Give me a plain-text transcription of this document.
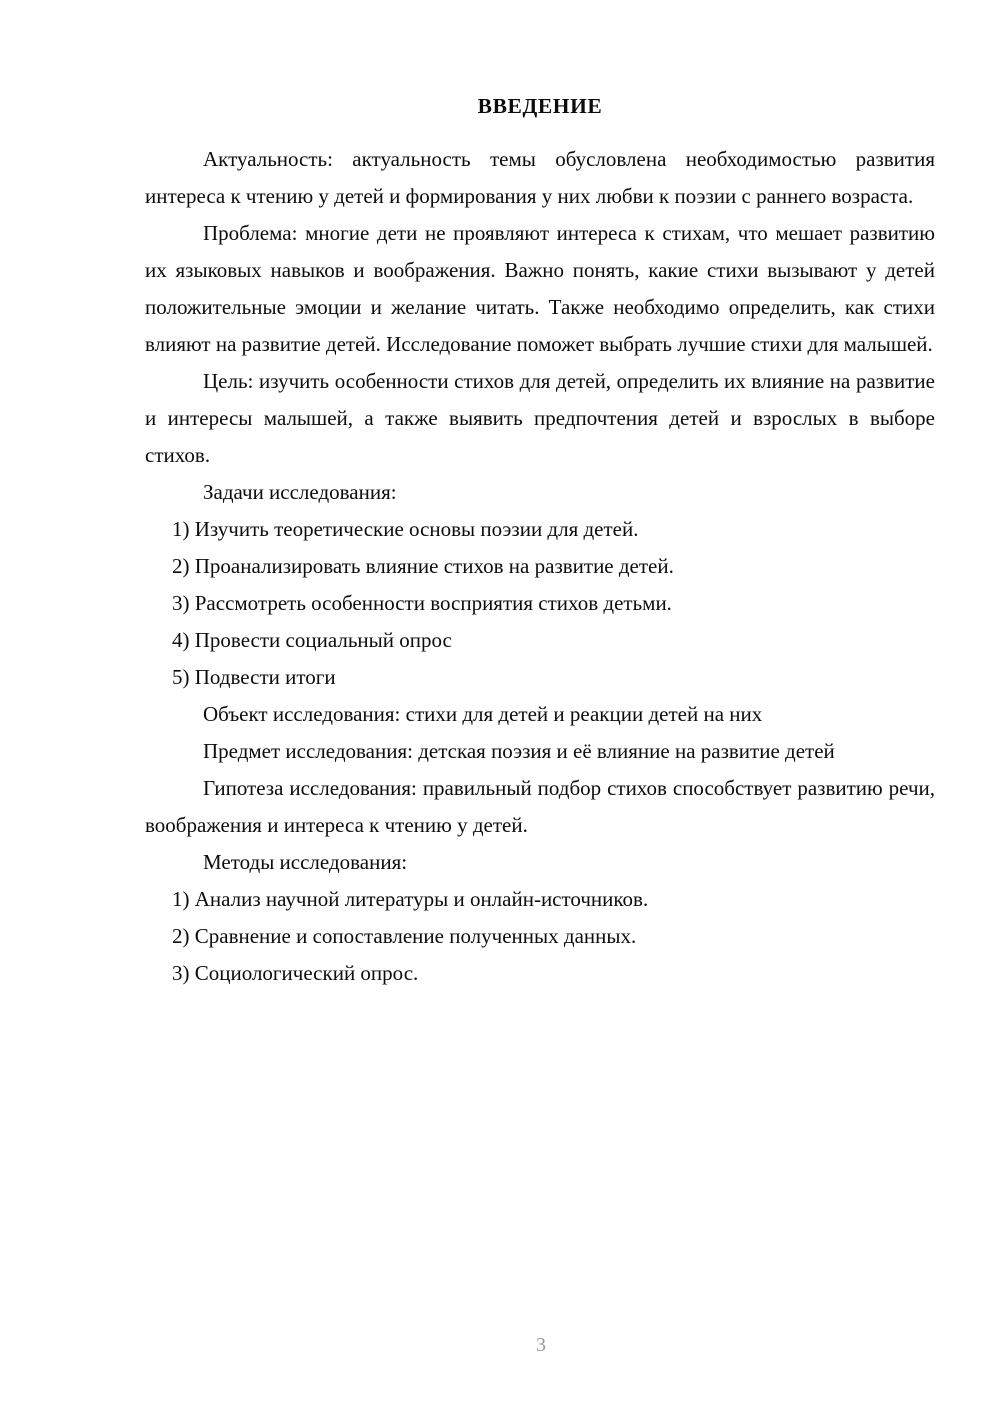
ВВЕДЕНИЕ

Актуальность: актуальность темы обусловлена необходимостью развития интереса к чтению у детей и формирования у них любви к поэзии с раннего возраста.

Проблема: многие дети не проявляют интереса к стихам, что мешает развитию их языковых навыков и воображения. Важно понять, какие стихи вызывают у детей положительные эмоции и желание читать. Также необходимо определить, как стихи влияют на развитие детей. Исследование поможет выбрать лучшие стихи для малышей.

Цель: изучить особенности стихов для детей, определить их влияние на развитие и интересы малышей, а также выявить предпочтения детей и взрослых в выборе стихов.

Задачи исследования:

1) Изучить теоретические основы поэзии для детей.

2) Проанализировать влияние стихов на развитие детей.

3) Рассмотреть особенности восприятия стихов детьми.

4) Провести социальный опрос

5) Подвести итоги

Объект исследования: стихи для детей и реакции детей на них

Предмет исследования: детская поэзия и её влияние на развитие детей

Гипотеза исследования: правильный подбор стихов способствует развитию речи, воображения и интереса к чтению у детей.

Методы исследования:

1) Анализ научной литературы и онлайн-источников.

2) Сравнение и сопоставление полученных данных.

3) Социологический опрос.

3
